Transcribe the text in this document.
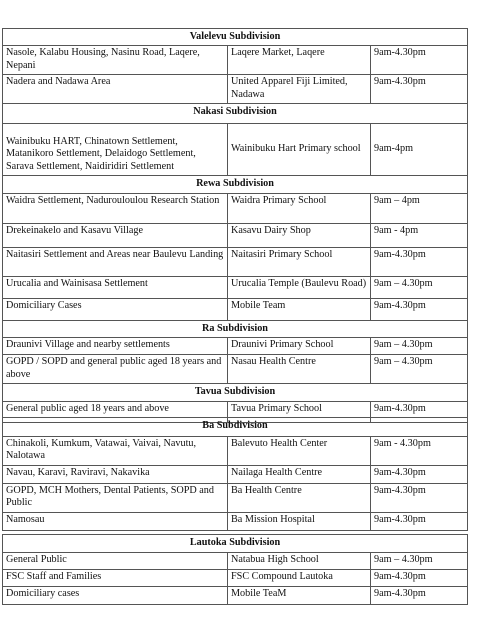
Valelevu Subdivision		
Nasole, Kalabu Housing, Nasinu Road, Laqere, Nepani	Laqere Market, Laqere	9am-4.30pm
Nadera and Nadawa Area	United Apparel Fiji Limited, Nadawa	9am-4.30pm
Nakasi Subdivision		
Wainibuku HART, Chinatown Settlement, Matanikoro Settlement, Delaidogo Settlement, Sarava Settlement, Naidiridiri Settlement	Wainibuku Hart Primary school	9am-4pm
Rewa Subdivision		
Waidra Settlement, Nadurouloulou Research Station	Waidra Primary School	9am – 4pm
Drekeinakelo and Kasavu Village	Kasavu Dairy Shop	9am - 4pm
Naitasiri Settlement and Areas near Baulevu Landing	Naitasiri Primary School	9am-4.30pm
Urucalia and Wainisasa Settlement	Urucalia Temple (Baulevu Road)	9am – 4.30pm
Domiciliary Cases	Mobile Team	9am-4.30pm
Ra Subdivision		
Draunivi Village and nearby settlements	Draunivi Primary School	9am – 4.30pm
GOPD / SOPD and general public aged 18 years and above	Nasau Health Centre	9am – 4.30pm
Tavua Subdivision		
General public aged 18 years and above	Tavua Primary School	9am-4.30pm
Ba Subdivision		
Chinakoli, Kumkum, Vatawai, Vaivai, Navutu, Nalotawa	Balevuto Health Center	9am - 4.30pm
Navau, Karavi, Raviravi, Nakavika	Nailaga Health Centre	9am-4.30pm
GOPD, MCH Mothers, Dental Patients, SOPD and Public	Ba Health Centre	9am-4.30pm
Namosau	Ba Mission Hospital	9am-4.30pm
Lautoka Subdivision		
General Public	Natabua High School	9am – 4.30pm
FSC Staff and Families	FSC Compound Lautoka	9am-4.30pm
Domiciliary cases	Mobile TeaM	9am-4.30pm
